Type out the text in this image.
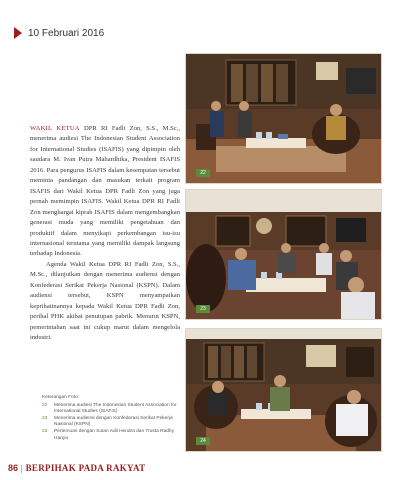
10 Februari 2016

WAKIL KETUA DPR RI Fadli Zon, S.S., M.Sc., menerima audiesi The Indonesian Student Association for International Studies (ISAFIS) yang dipimpin oleh saudara M. Ivan Putra Mahardhika, President ISAFIS 2016. Para pengurus ISAFIS dalam kesempatan tersebut meminta pandangan dan masukan terkait program ISAFIS dari Wakil Ketua DPR Fadli Zon yang juga pernah memimpin ISAFIS. Wakil Ketua DPR RI Fadli Zon menghargai kiprah ISAFIS dalam mengembangkan generasi muda yang memiliki pengetahuan dan produktif dalam menyikapi perkembangan isu-isu internasional terutama yang memiliki dampak langsung terhadap Indonesia.

Agenda Wakil Ketua DPR RI Fadli Zon, S.S., M.Sc., dilanjutkan dengan menerima audiensi dengan Konfederasi Serikat Pekerja Nasional (KSPN). Dalam audiensi tersebut, KSPN menyampaikan keprihatinannya kepada Wakil Ketua DPR Fadli Zon, perihal PHK akibat penutupan pabrik. Menurut KSPN, pemerintahan saat ini cukup marut dalam mengelola industri.

22
23
24
Keterangan Foto:
22	Menerima audiesi The Indonesian Student Association for International Studies (ISAFIS)
23	Menerima audiensi dengan Konfederasi Serikat Pekerja Nasional (KSPN)
23	Pertemuan dengan Sutan Adil Hendra dan Trusta Radhy Hanya
86 | BERPIHAK PADA RAKYAT
